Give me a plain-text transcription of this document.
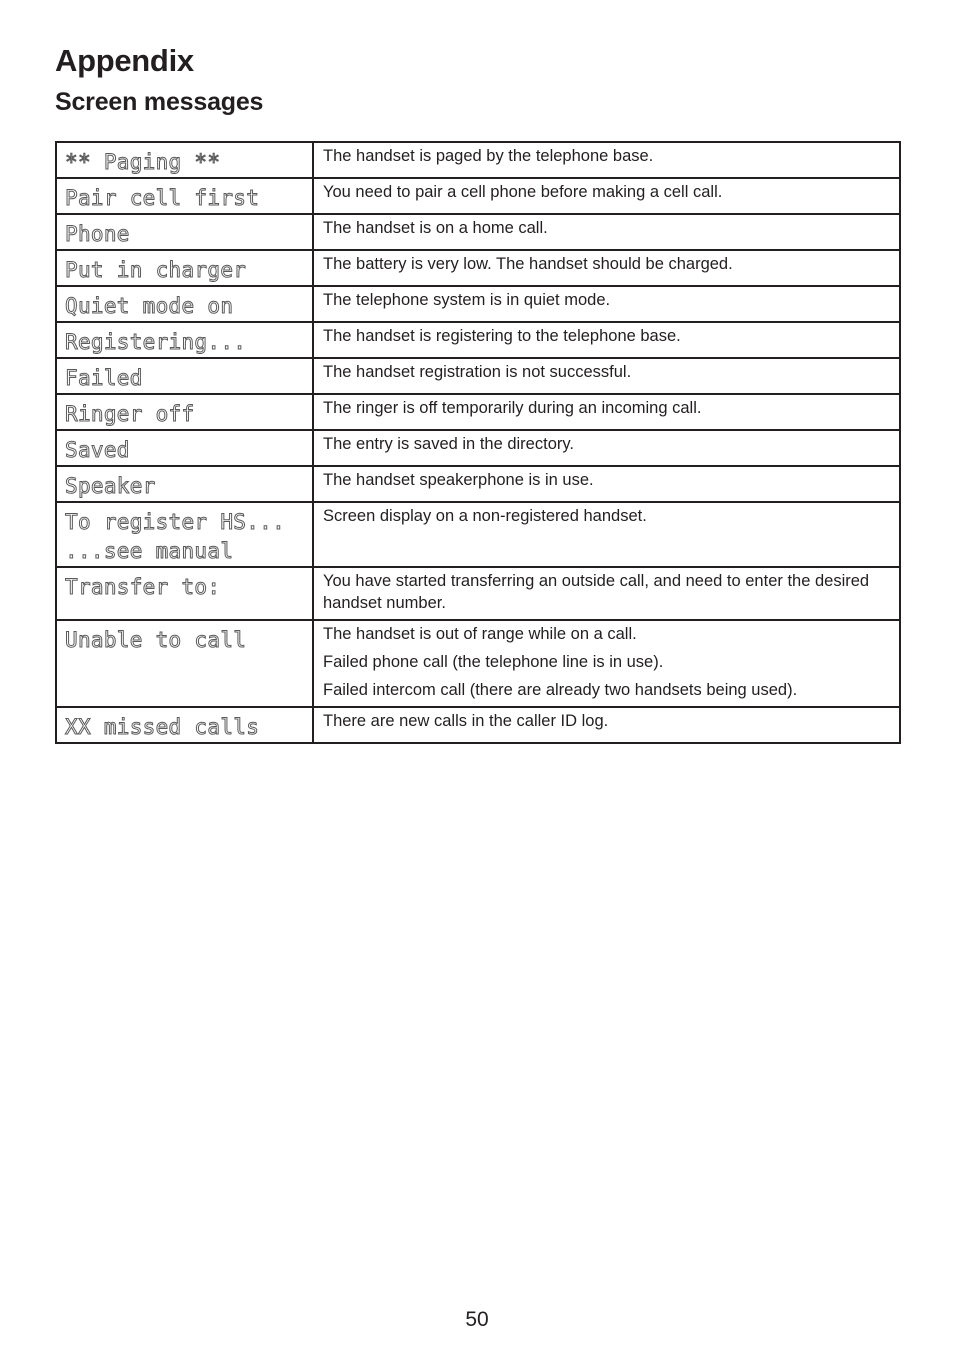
Appendix
Screen messages
** Paging **	The handset is paged by the telephone base.

Pair cell first	You need to pair a cell phone before making a cell call.

Phone	The handset is on a home call.

Put in charger	The battery is very low. The handset should be charged.

Quiet mode on	The telephone system is in quiet mode.

Registering...	The handset is registering to the telephone base.

Failed	The handset registration is not successful.

Ringer off	The ringer is off temporarily during an incoming call.

Saved	The entry is saved in the directory.

Speaker	The handset speakerphone is in use.

To register HS...
...see manual	Screen display on a non-registered handset.

Transfer to:	You have started transferring an outside call, and need to enter the desired handset number.

Unable to call	The handset is out of range while on a call.
Failed phone call (the telephone line is in use).
Failed intercom call (there are already two handsets being used).

XX missed calls	There are new calls in the caller ID log.
50
